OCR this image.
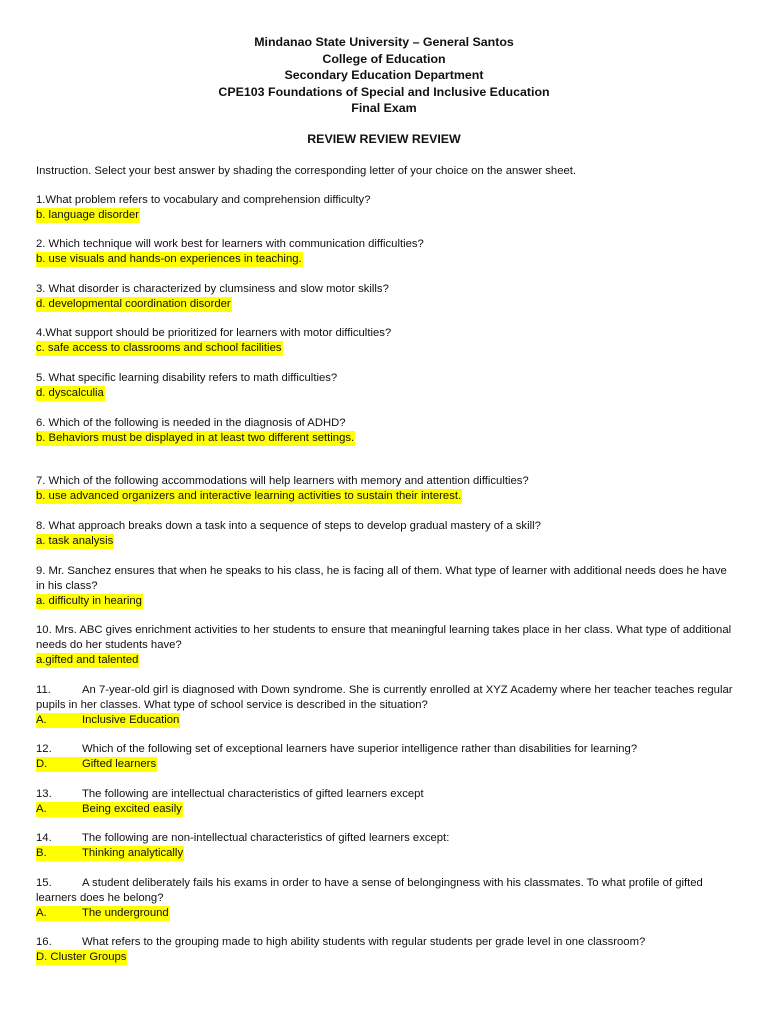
Mindanao State University – General Santos
College of Education
Secondary Education Department
CPE103 Foundations of Special and Inclusive Education
Final Exam
REVIEW REVIEW REVIEW
Instruction. Select your best answer by shading the corresponding letter of your choice on the answer sheet.
1.What problem refers to vocabulary and comprehension difficulty?
b. language disorder
2. Which technique will work best for learners with communication difficulties?
b. use visuals and hands-on experiences in teaching.
3. What disorder is characterized by clumsiness and slow motor skills?
d. developmental coordination disorder
4.What support should be prioritized for learners with motor difficulties?
c. safe access to classrooms and school facilities
5. What specific learning disability refers to math difficulties?
d. dyscalculia
6. Which of the following is needed in the diagnosis of ADHD?
b. Behaviors must be displayed in at least two different settings.
7. Which of the following accommodations will help learners with memory and attention difficulties?
b. use advanced organizers and interactive learning activities to sustain their interest.
8. What approach breaks down a task into a sequence of steps to develop gradual mastery of a skill?
a. task analysis
9. Mr. Sanchez ensures that when he speaks to his class, he is facing all of them. What type of learner with additional needs does he have in his class?
a. difficulty in hearing
10. Mrs. ABC gives enrichment activities to her students to ensure that meaningful learning takes place in her class. What type of additional needs do her students have?
a.gifted and talented
11.	An 7-year-old girl is diagnosed with Down syndrome. She is currently enrolled at XYZ Academy where her teacher teaches regular pupils in her classes. What type of school service is described in the situation?
A.	Inclusive Education
12.	Which of the following set of exceptional learners have superior intelligence rather than disabilities for learning?
D.	Gifted learners
13.	The following are intellectual characteristics of gifted learners except
A.	Being excited easily
14.	The following are non-intellectual characteristics of gifted learners except:
B.	Thinking analytically
15.	A student deliberately fails his exams in order to have a sense of belongingness with his classmates. To what profile of gifted learners does he belong?
A.	The underground
16.	What refers to the grouping made to high ability students with regular students per grade level in one classroom?
D. Cluster Groups
